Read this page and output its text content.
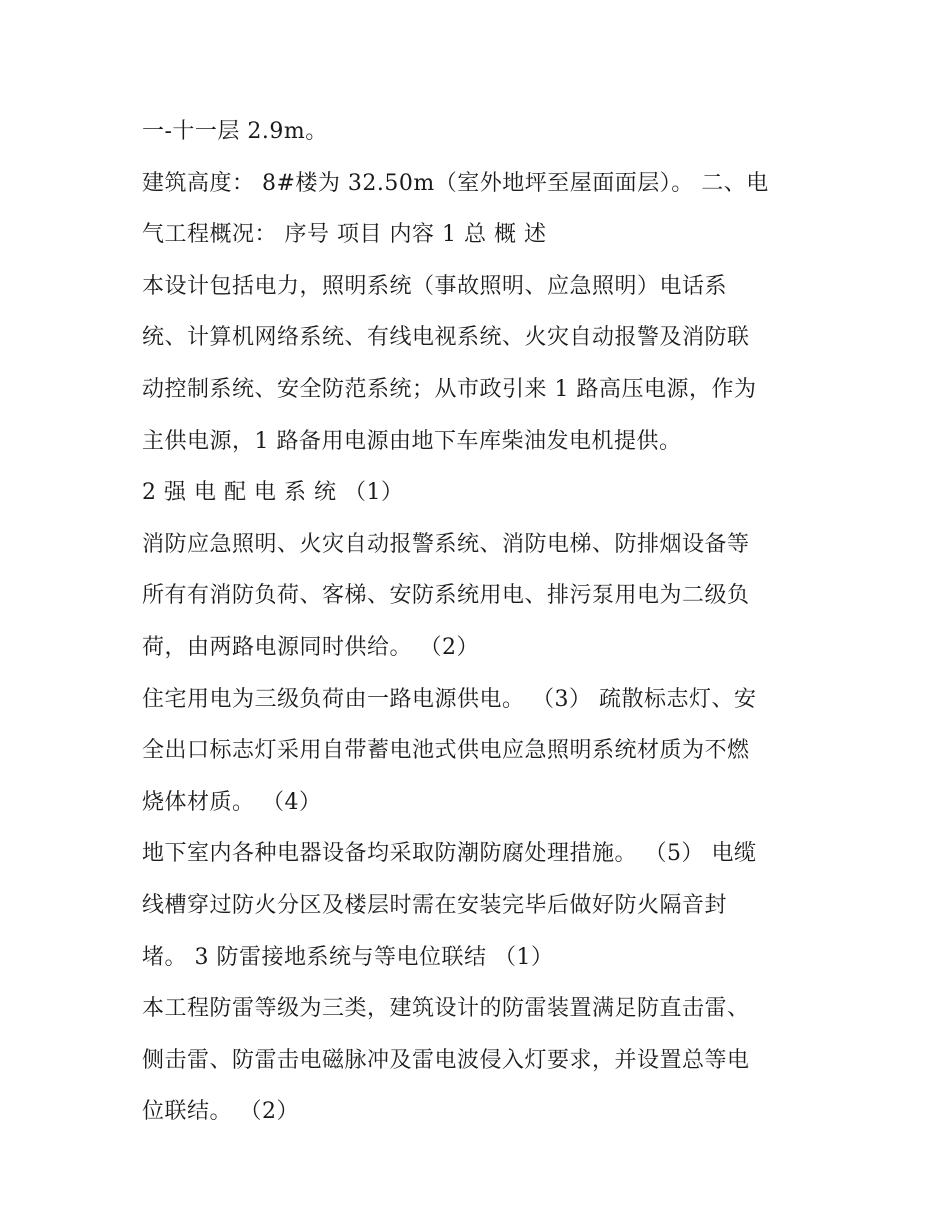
一-十一层 2.9m。
建筑高度： 8#楼为 32.50m（室外地坪至屋面面层）。 二、电
气工程概况： 序号 项目 内容 1 总 概 述
本设计包括电力，照明系统（事故照明、应急照明）电话系
统、计算机网络系统、有线电视系统、火灾自动报警及消防联
动控制系统、安全防范系统；从市政引来 1 路高压电源，作为
主供电源，1 路备用电源由地下车库柴油发电机提供。
2 强 电 配 电 系 统 （1）
消防应急照明、火灾自动报警系统、消防电梯、防排烟设备等
所有有消防负荷、客梯、安防系统用电、排污泵用电为二级负
荷，由两路电源同时供给。 （2）
住宅用电为三级负荷由一路电源供电。 （3） 疏散标志灯、安
全出口标志灯采用自带蓄电池式供电应急照明系统材质为不燃
烧体材质。 （4）
地下室内各种电器设备均采取防潮防腐处理措施。 （5） 电缆
线槽穿过防火分区及楼层时需在安装完毕后做好防火隔音封
堵。 3 防雷接地系统与等电位联结 （1）
本工程防雷等级为三类，建筑设计的防雷装置满足防直击雷、
侧击雷、防雷击电磁脉冲及雷电波侵入灯要求，并设置总等电
位联结。 （2）
